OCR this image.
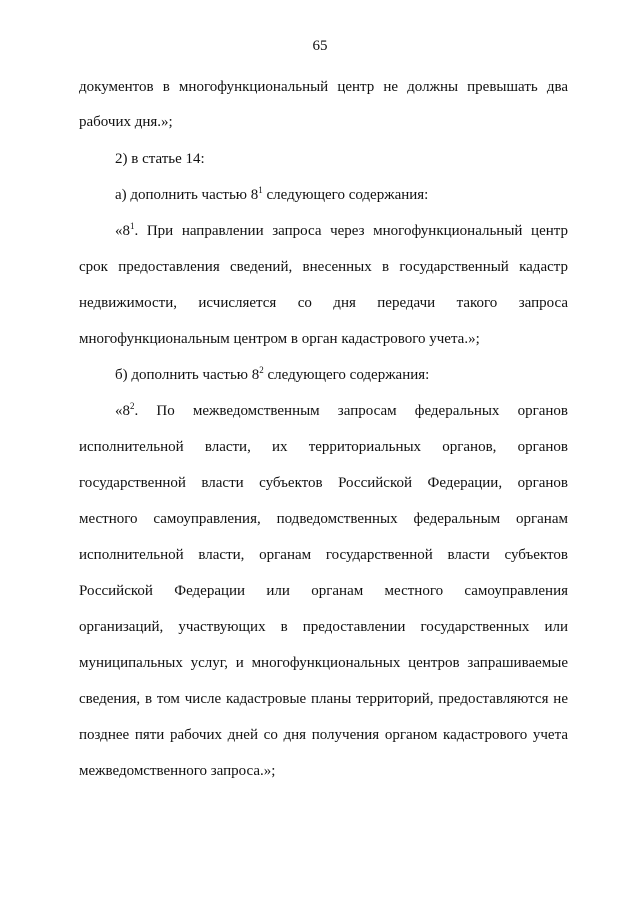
65
документов в многофункциональный центр не должны превышать два
рабочих дня.»;
2) в статье 14:
а) дополнить частью $8^1$ следующего содержания:
«$8^1$. При направлении запроса через многофункциональный центр
срок предоставления сведений, внесенных в государственный кадастр
недвижимости, исчисляется со дня передачи такого запроса
многофункциональным центром в орган кадастрового учета.»;
б) дополнить частью $8^2$ следующего содержания:
«$8^2$. По межведомственным запросам федеральных органов
исполнительной власти, их территориальных органов, органов
государственной власти субъектов Российской Федерации, органов
местного самоуправления, подведомственных федеральным органам
исполнительной власти, органам государственной власти субъектов
Российской Федерации или органам местного самоуправления
организаций, участвующих в предоставлении государственных или
муниципальных услуг, и многофункциональных центров запрашиваемые
сведения, в том числе кадастровые планы территорий, предоставляются не
позднее пяти рабочих дней со дня получения органом кадастрового учета
межведомственного запроса.»;
